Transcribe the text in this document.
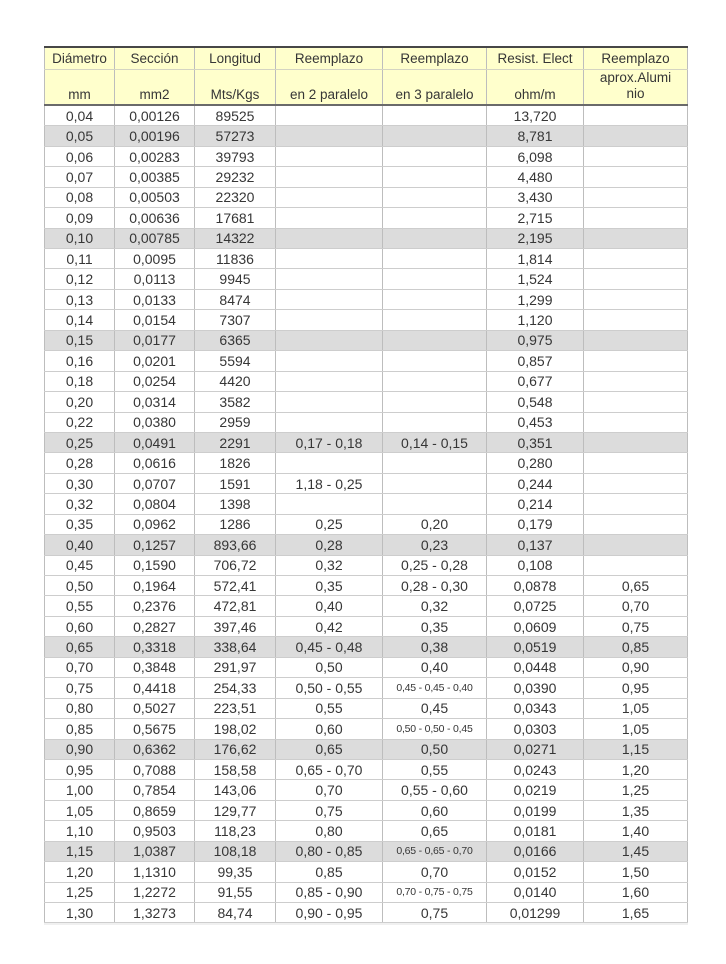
Diámetro	Sección	Longitud	Reemplazo	Reemplazo	Resist. Elect	Reemplazo
mm	mm2	Mts/Kgs	en 2 paralelo	en 3 paralelo	ohm/m	aprox.Aluminio
0,04	0,00126	89525			13,720	
0,05	0,00196	57273			8,781	
0,06	0,00283	39793			6,098	
0,07	0,00385	29232			4,480	
0,08	0,00503	22320			3,430	
0,09	0,00636	17681			2,715	
0,10	0,00785	14322			2,195	
0,11	0,0095	11836			1,814	
0,12	0,0113	9945			1,524	
0,13	0,0133	8474			1,299	
0,14	0,0154	7307			1,120	
0,15	0,0177	6365			0,975	
0,16	0,0201	5594			0,857	
0,18	0,0254	4420			0,677	
0,20	0,0314	3582			0,548	
0,22	0,0380	2959			0,453	
0,25	0,0491	2291	0,17 - 0,18	0,14 - 0,15	0,351	
0,28	0,0616	1826			0,280	
0,30	0,0707	1591	1,18 - 0,25		0,244	
0,32	0,0804	1398			0,214	
0,35	0,0962	1286	0,25	0,20	0,179	
0,40	0,1257	893,66	0,28	0,23	0,137	
0,45	0,1590	706,72	0,32	0,25 - 0,28	0,108	
0,50	0,1964	572,41	0,35	0,28 - 0,30	0,0878	0,65
0,55	0,2376	472,81	0,40	0,32	0,0725	0,70
0,60	0,2827	397,46	0,42	0,35	0,0609	0,75
0,65	0,3318	338,64	0,45 - 0,48	0,38	0,0519	0,85
0,70	0,3848	291,97	0,50	0,40	0,0448	0,90
0,75	0,4418	254,33	0,50 - 0,55	0,45 - 0,45 - 0,40	0,0390	0,95
0,80	0,5027	223,51	0,55	0,45	0,0343	1,05
0,85	0,5675	198,02	0,60	0,50 - 0,50 - 0,45	0,0303	1,05
0,90	0,6362	176,62	0,65	0,50	0,0271	1,15
0,95	0,7088	158,58	0,65 - 0,70	0,55	0,0243	1,20
1,00	0,7854	143,06	0,70	0,55 - 0,60	0,0219	1,25
1,05	0,8659	129,77	0,75	0,60	0,0199	1,35
1,10	0,9503	118,23	0,80	0,65	0,0181	1,40
1,15	1,0387	108,18	0,80 - 0,85	0,65 - 0,65 - 0,70	0,0166	1,45
1,20	1,1310	99,35	0,85	0,70	0,0152	1,50
1,25	1,2272	91,55	0,85 - 0,90	0,70 - 0,75 - 0,75	0,0140	1,60
1,30	1,3273	84,74	0,90 - 0,95	0,75	0,01299	1,65
